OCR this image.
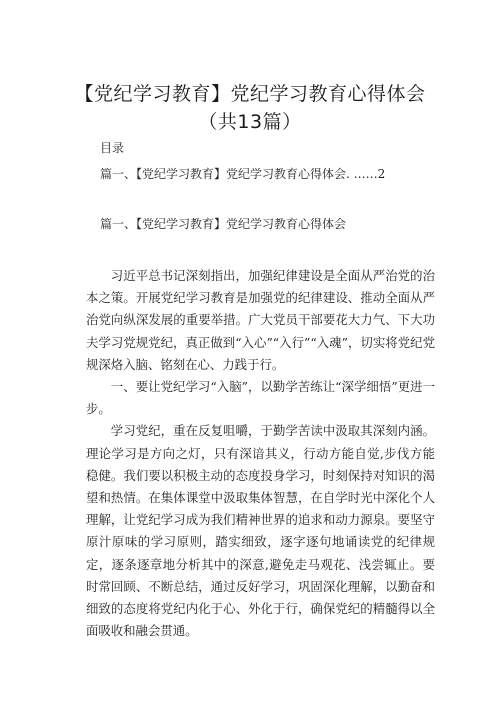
【党纪学习教育】党纪学习教育心得体会
（共13篇）
目录
篇一、【党纪学习教育】党纪学习教育心得体会. ……2
篇一、【党纪学习教育】党纪学习教育心得体会

习近平总书记深刻指出，加强纪律建设是全面从严治党的治本之策。开展党纪学习教育是加强党的纪律建设、推动全面从严治党向纵深发展的重要举措。广大党员干部要花大力气、下大功夫学习党规党纪，真正做到“入心”“入行”“入魂”，切实将党纪党规深烙入脑、铭刻在心、力践于行。

一、要让党纪学习“入脑”，以勤学苦练让“深学细悟”更进一步。

学习党纪，重在反复咀嚼，于勤学苦读中汲取其深刻内涵。理论学习是方向之灯，只有深谙其义，行动方能自觉,步伐方能稳健。我们要以积极主动的态度投身学习，时刻保持对知识的渴望和热情。在集体课堂中汲取集体智慧，在自学时光中深化个人理解，让党纪学习成为我们精神世界的追求和动力源泉。要坚守原汁原味的学习原则，踏实细致，逐字逐句地诵读党的纪律规定，逐条逐章地分析其中的深意,避免走马观花、浅尝辄止。要时常回顾、不断总结，通过反好学习，巩固深化理解，以勤奋和细致的态度将党纪内化于心、外化于行，确保党纪的精髓得以全面吸收和融会贯通。
